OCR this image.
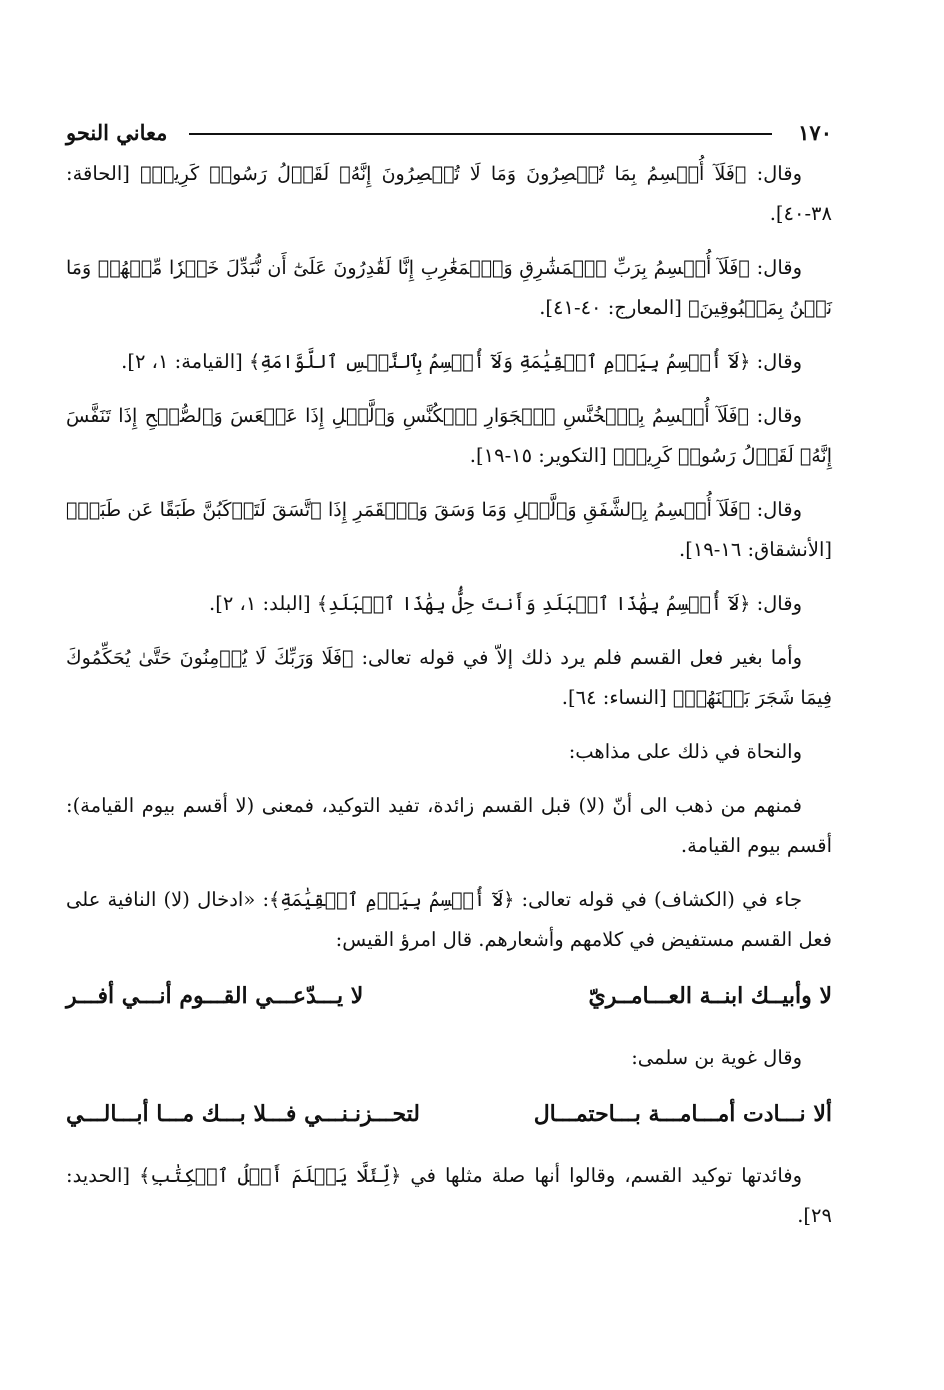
١٧٠
معاني النحو

وقال: ﴿فَلَآ أُقۡسِمُ بِمَا تُبۡصِرُونَ وَمَا لَا تُبۡصِرُونَ إِنَّهُۥ لَقَوۡلُ رَسُولٖ كَرِيمٖ﴾ [الحاقة: ٣٨-٤٠].

وقال: ﴿فَلَآ أُقۡسِمُ بِرَبِّ ٱلۡمَشَٰرِقِ وَٱلۡمَغَٰرِبِ إِنَّا لَقَٰدِرُونَ عَلَىٰٓ أَن نُّبَدِّلَ خَيۡرٗا مِّنۡهُمۡ وَمَا نَحۡنُ بِمَسۡبُوقِينَ﴾ [المعارج: ٤٠-٤١].

وقال: ﴿لَآ أُقۡسِمُ بِيَوۡمِ ٱلۡقِيَٰمَةِ وَلَآ أُقۡسِمُ بِٱلنَّفۡسِ ٱللَّوَّامَةِ﴾ [القيامة: ١، ٢].

وقال: ﴿فَلَآ أُقۡسِمُ بِٱلۡخُنَّسِ ٱلۡجَوَارِ ٱلۡكُنَّسِ وَٱلَّيۡلِ إِذَا عَسۡعَسَ وَٱلصُّبۡحِ إِذَا تَنَفَّسَ إِنَّهُۥ لَقَوۡلُ رَسُولٖ كَرِيمٖ﴾ [التكوير: ١٥-١٩].

وقال: ﴿فَلَآ أُقۡسِمُ بِٱلشَّفَقِ وَٱلَّيۡلِ وَمَا وَسَقَ وَٱلۡقَمَرِ إِذَا ٱتَّسَقَ لَتَرۡكَبُنَّ طَبَقًا عَن طَبَقٖ﴾ [الأنشقاق: ١٦-١٩].

وقال: ﴿لَآ أُقۡسِمُ بِهَٰذَا ٱلۡبَلَدِ وَأَنتَ حِلُّۢ بِهَٰذَا ٱلۡبَلَدِ﴾ [البلد: ١، ٢].

وأما بغير فعل القسم فلم يرد ذلك إلاّ في قوله تعالى: ﴿فَلَا وَرَبِّكَ لَا يُؤۡمِنُونَ حَتَّىٰ يُحَكِّمُوكَ فِيمَا شَجَرَ بَيۡنَهُمۡ﴾ [النساء: ٦٤].

والنحاة في ذلك على مذاهب:

فمنهم من ذهب الى أنّ (لا) قبل القسم زائدة، تفيد التوكيد، فمعنى (لا أقسم بيوم القيامة): أقسم بيوم القيامة.

جاء في (الكشاف) في قوله تعالى: ﴿لَآ أُقۡسِمُ بِيَوۡمِ ٱلۡقِيَٰمَةِ﴾: «ادخال (لا) النافية على فعل القسم مستفيض في كلامهم وأشعارهم. قال امرؤ القيس:

لا وأبيــك ابنــة العـــامــريّ
لا يـــدّعـــي القـــوم أنـــي أفـــر

وقال غوية بن سلمى:

ألا نـــادت أمـــامـــة بـــاحتمـــال
لتحـــزنـنـــي فـــلا بـــك مـــا أبـــالـــي

وفائدتها توكيد القسم، وقالوا أنها صلة مثلها في ﴿لِّئَلَّا يَعۡلَمَ أَهۡلُ ٱلۡكِتَٰبِ﴾ [الحديد: ٢٩].
